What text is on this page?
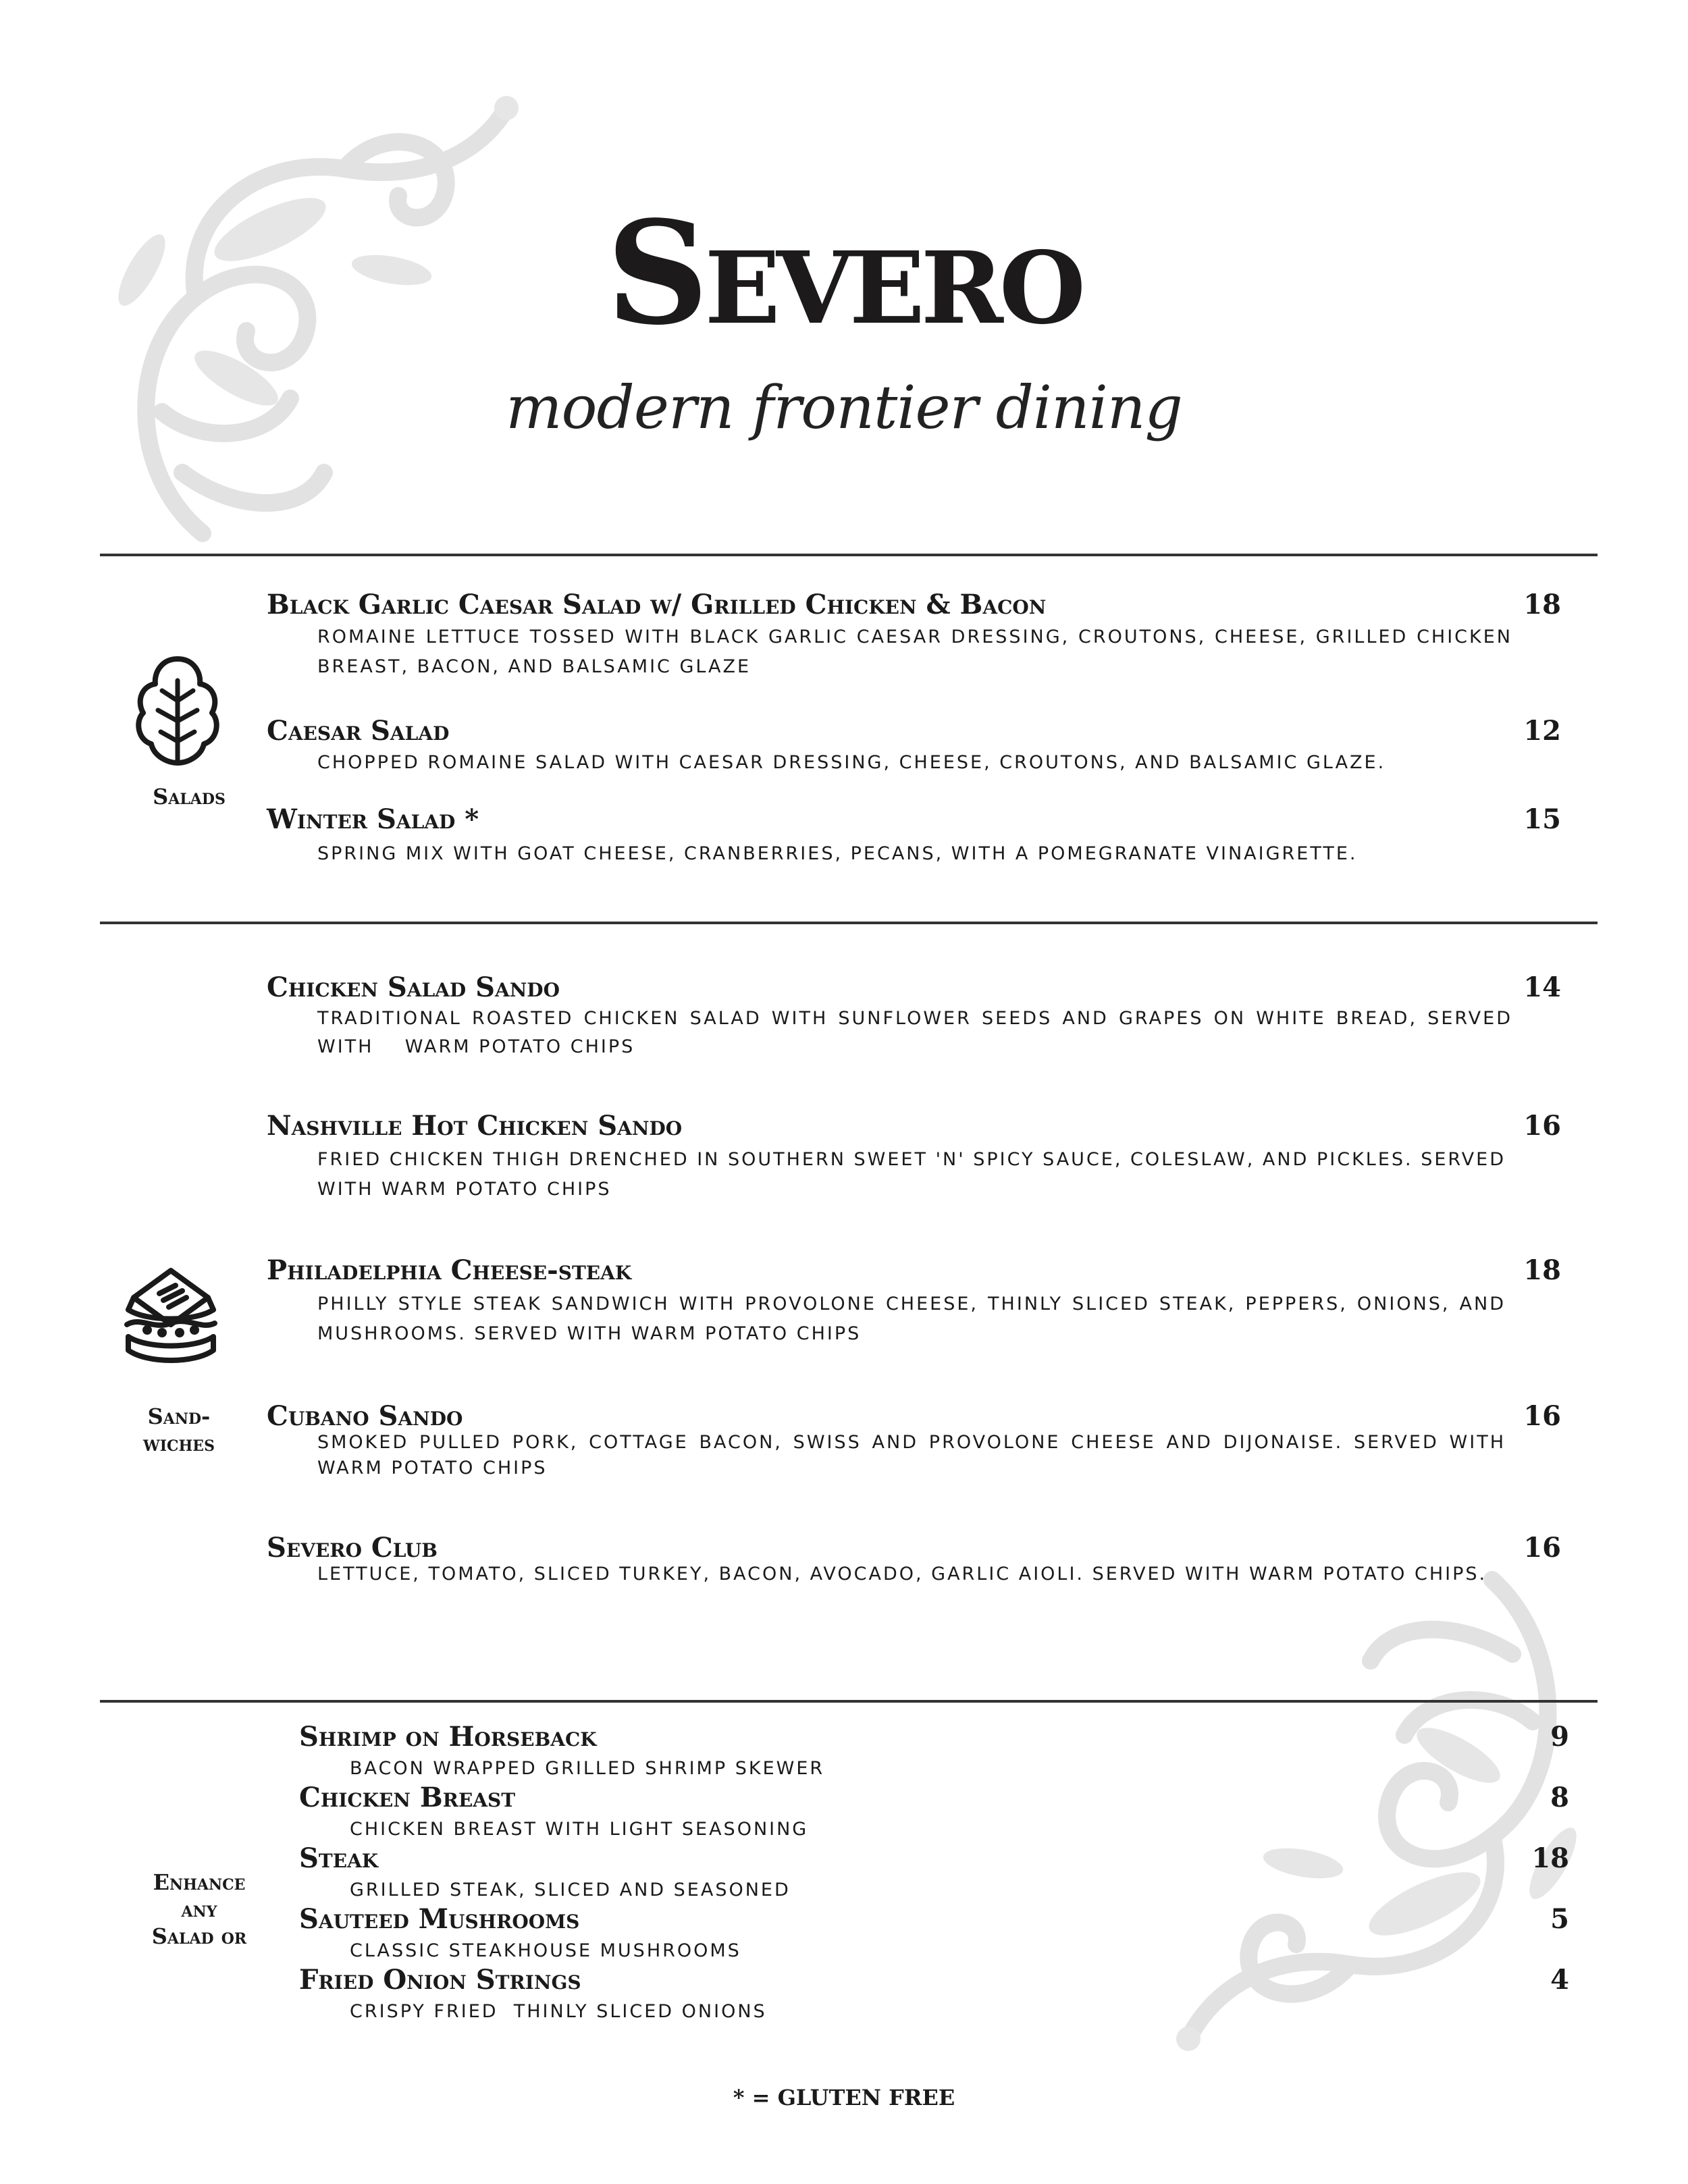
Severo
modern frontier dining
Salads
Black Garlic Caesar Salad w/ Grilled Chicken & Bacon	18
ROMAINE LETTUCE TOSSED WITH BLACK GARLIC CAESAR DRESSING, CROUTONS, CHEESE, GRILLED CHICKEN BREAST, BACON, AND BALSAMIC GLAZE
Caesar Salad	12
CHOPPED ROMAINE SALAD WITH CAESAR DRESSING, CHEESE, CROUTONS, AND BALSAMIC GLAZE.
Winter Salad *	15
SPRING MIX WITH GOAT CHEESE, CRANBERRIES, PECANS, WITH A POMEGRANATE VINAIGRETTE.
Sand-
wiches
Chicken Salad Sando	14
TRADITIONAL ROASTED CHICKEN SALAD WITH SUNFLOWER SEEDS AND GRAPES ON WHITE BREAD, SERVED WITH    WARM POTATO CHIPS
Nashville Hot Chicken Sando	16
FRIED CHICKEN THIGH DRENCHED IN SOUTHERN SWEET 'N' SPICY SAUCE, COLESLAW, AND PICKLES. SERVED WITH WARM POTATO CHIPS
Philadelphia Cheese-steak	18
PHILLY STYLE STEAK SANDWICH WITH PROVOLONE CHEESE, THINLY SLICED STEAK, PEPPERS, ONIONS, AND MUSHROOMS. SERVED WITH WARM POTATO CHIPS
Cubano Sando	16
SMOKED PULLED PORK, COTTAGE BACON, SWISS AND PROVOLONE CHEESE AND DIJONAISE. SERVED WITH WARM POTATO CHIPS
Severo Club	16
LETTUCE, TOMATO, SLICED TURKEY, BACON, AVOCADO, GARLIC AIOLI. SERVED WITH WARM POTATO CHIPS.
Enhance
any
Salad or
Shrimp on Horseback	9
BACON WRAPPED GRILLED SHRIMP SKEWER
Chicken Breast	8
CHICKEN BREAST WITH LIGHT SEASONING
Steak	18
GRILLED STEAK, SLICED AND SEASONED
Sauteed Mushrooms	5
CLASSIC STEAKHOUSE MUSHROOMS
Fried Onion Strings	4
CRISPY FRIED  THINLY SLICED ONIONS
* = GLUTEN FREE
